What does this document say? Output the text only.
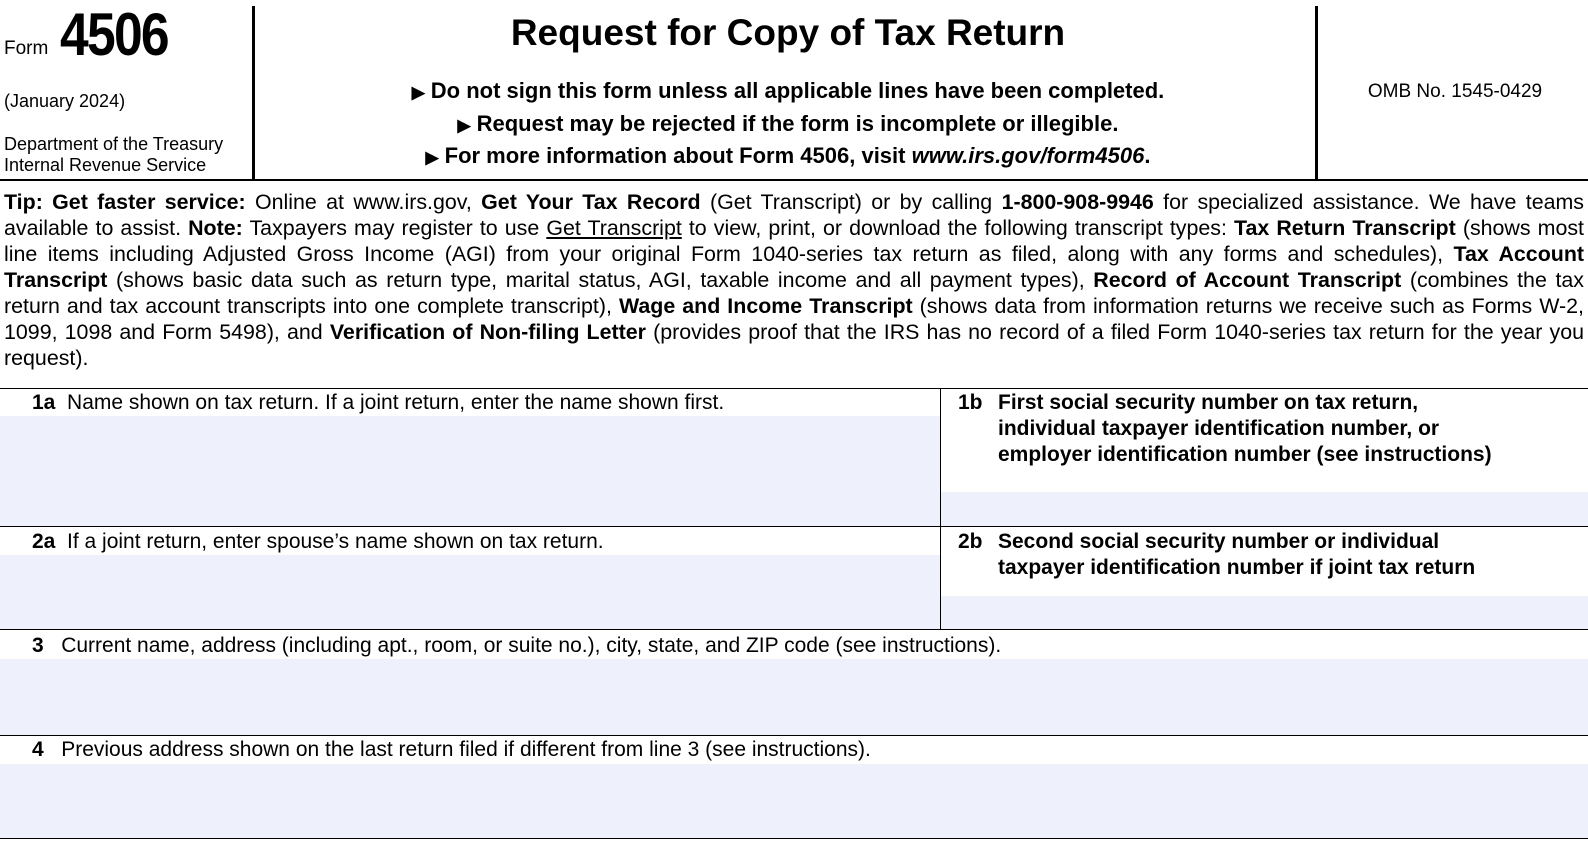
Form 4506
(January 2024)
Department of the Treasury
Internal Revenue Service
Request for Copy of Tax Return
▶ Do not sign this form unless all applicable lines have been completed.
▶ Request may be rejected if the form is incomplete or illegible.
▶ For more information about Form 4506, visit www.irs.gov/form4506.
OMB No. 1545-0429
Tip: Get faster service: Online at www.irs.gov, Get Your Tax Record (Get Transcript) or by calling 1-800-908-9946 for specialized assistance. We have teams available to assist. Note: Taxpayers may register to use Get Transcript to view, print, or download the following transcript types: Tax Return Transcript (shows most line items including Adjusted Gross Income (AGI) from your original Form 1040-series tax return as filed, along with any forms and schedules), Tax Account Transcript (shows basic data such as return type, marital status, AGI, taxable income and all payment types), Record of Account Transcript (combines the tax return and tax account transcripts into one complete transcript), Wage and Income Transcript (shows data from information returns we receive such as Forms W-2, 1099, 1098 and Form 5498), and Verification of Non-filing Letter (provides proof that the IRS has no record of a filed Form 1040-series tax return for the year you request).
1a Name shown on tax return. If a joint return, enter the name shown first.	1b First social security number on tax return,
individual taxpayer identification number, or
employer identification number (see instructions)
2a If a joint return, enter spouse’s name shown on tax return.	2b Second social security number or individual
taxpayer identification number if joint tax return
3 Current name, address (including apt., room, or suite no.), city, state, and ZIP code (see instructions).
4 Previous address shown on the last return filed if different from line 3 (see instructions).
